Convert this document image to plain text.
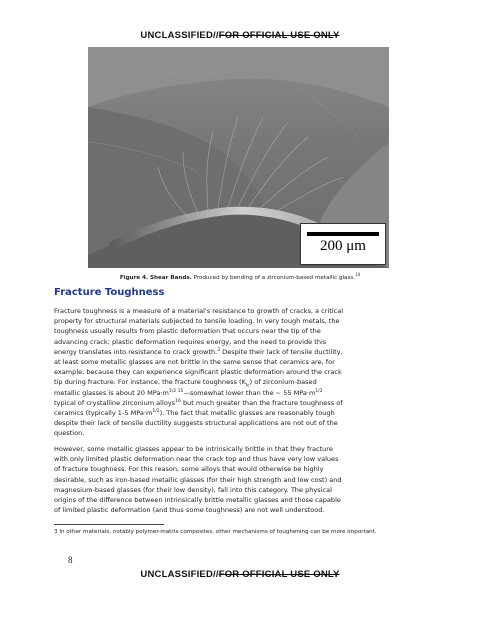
UNCLASSIFIED//FOR OFFICIAL USE ONLY
200 μm
Figure 4. Shear Bands. Produced by bending of a zirconium-based metallic glass.$^{14}$
Fracture Toughness

Fracture toughness is a measure of a material's resistance to growth of cracks, a critical
property for structural materials subjected to tensile loading. In very tough metals, the
toughness usually results from plastic deformation that occurs near the tip of the
advancing crack; plastic deformation requires energy, and the need to provide this
energy translates into resistance to crack growth.$^3$ Despite their lack of tensile ductility,
at least some metallic glasses are not brittle in the same sense that ceramics are, for
example, because they can experience significant plastic deformation around the crack
tip during fracture. For instance, the fracture toughness $(K_{Ic})$ of zirconium-based
metallic glasses is about 20 $MPa\cdot m^{1/2}$ $^{15}$—somewhat lower than the ~ 55 $MPa\cdot m^{1/2}$
typical of crystalline zirconium alloys$^{16}$ but much greater than the fracture toughness of
ceramics (typically 1-5 $MPa\cdot m^{1/2}$). The fact that metallic glasses are reasonably tough
despite their lack of tensile ductility suggests structural applications are not out of the
question.

However, some metallic glasses appear to be intrinsically brittle in that they fracture
with only limited plastic deformation near the crack top and thus have very low values
of fracture toughness. For this reason, some alloys that would otherwise be highly
desirable, such as iron-based metallic glasses (for their high strength and low cost) and
magnesium-based glasses (for their low density), fall into this category. The physical
origins of the difference between intrinsically brittle metallic glasses and those capable
of limited plastic deformation (and thus some toughness) are not well understood.

3 In other materials, notably polymer-matrix composites, other mechanisms of toughening can be more important.
8
UNCLASSIFIED//FOR OFFICIAL USE ONLY
